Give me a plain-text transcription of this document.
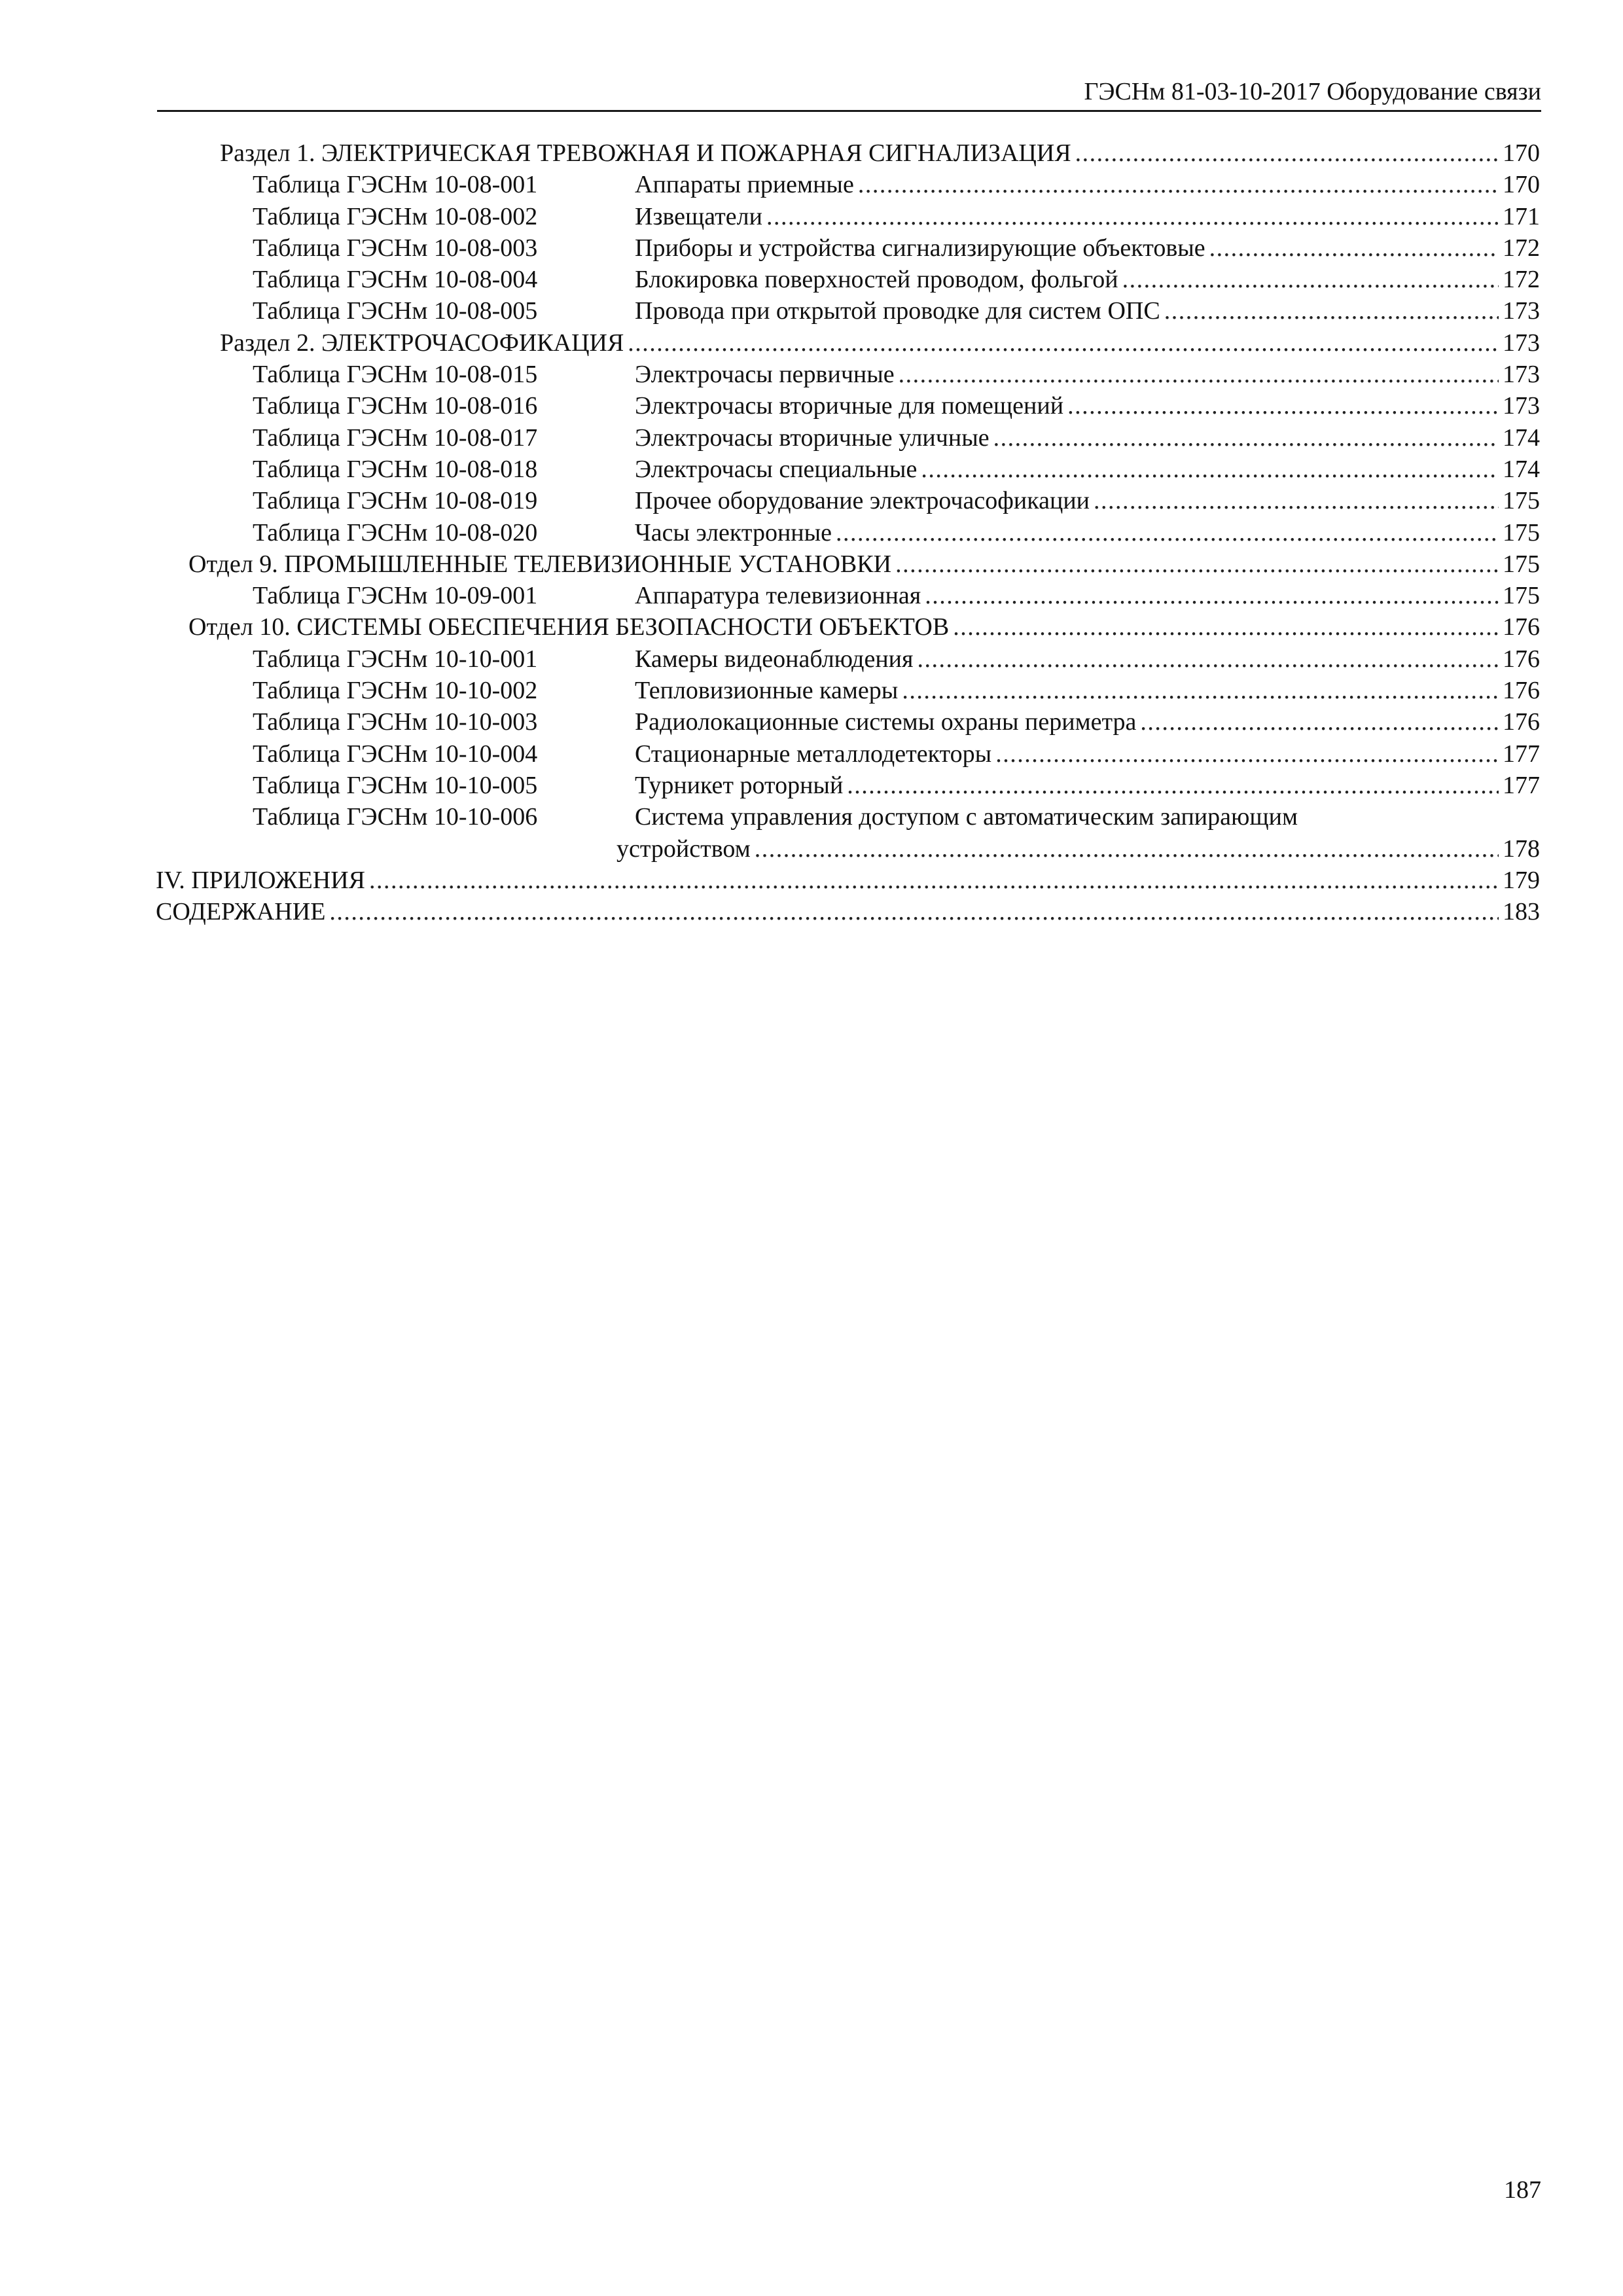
ГЭСНм 81-03-10-2017 Оборудование связи
Раздел 1. ЭЛЕКТРИЧЕСКАЯ ТРЕВОЖНАЯ И ПОЖАРНАЯ СИГНАЛИЗАЦИЯ . . .	170
Таблица ГЭСНм 10-08-001	Аппараты приемные . . .	170
Таблица ГЭСНм 10-08-002	Извещатели . . .	171
Таблица ГЭСНм 10-08-003	Приборы и устройства сигнализирующие объектовые . . .	172
Таблица ГЭСНм 10-08-004	Блокировка поверхностей проводом, фольгой . . .	172
Таблица ГЭСНм 10-08-005	Провода при открытой проводке для систем ОПС . . .	173
Раздел 2. ЭЛЕКТРОЧАСОФИКАЦИЯ . . .	173
Таблица ГЭСНм 10-08-015	Электрочасы первичные . . .	173
Таблица ГЭСНм 10-08-016	Электрочасы вторичные для помещений . . .	173
Таблица ГЭСНм 10-08-017	Электрочасы вторичные уличные . . .	174
Таблица ГЭСНм 10-08-018	Электрочасы специальные . . .	174
Таблица ГЭСНм 10-08-019	Прочее оборудование электрочасофикации . . .	175
Таблица ГЭСНм 10-08-020	Часы электронные . . .	175
Отдел 9. ПРОМЫШЛЕННЫЕ ТЕЛЕВИЗИОННЫЕ УСТАНОВКИ . . .	175
Таблица ГЭСНм 10-09-001	Аппаратура телевизионная . . .	175
Отдел 10. СИСТЕМЫ ОБЕСПЕЧЕНИЯ БЕЗОПАСНОСТИ ОБЪЕКТОВ . . .	176
Таблица ГЭСНм 10-10-001	Камеры видеонаблюдения . . .	176
Таблица ГЭСНм 10-10-002	Тепловизионные камеры . . .	176
Таблица ГЭСНм 10-10-003	Радиолокационные системы охраны периметра . . .	176
Таблица ГЭСНм 10-10-004	Стационарные металлодетекторы . . .	177
Таблица ГЭСНм 10-10-005	Турникет роторный . . .	177
Таблица ГЭСНм 10-10-006	Система управления доступом с автоматическим запирающим
устройством . . .	178
IV. ПРИЛОЖЕНИЯ . . .	179
СОДЕРЖАНИЕ . . .	183
187
